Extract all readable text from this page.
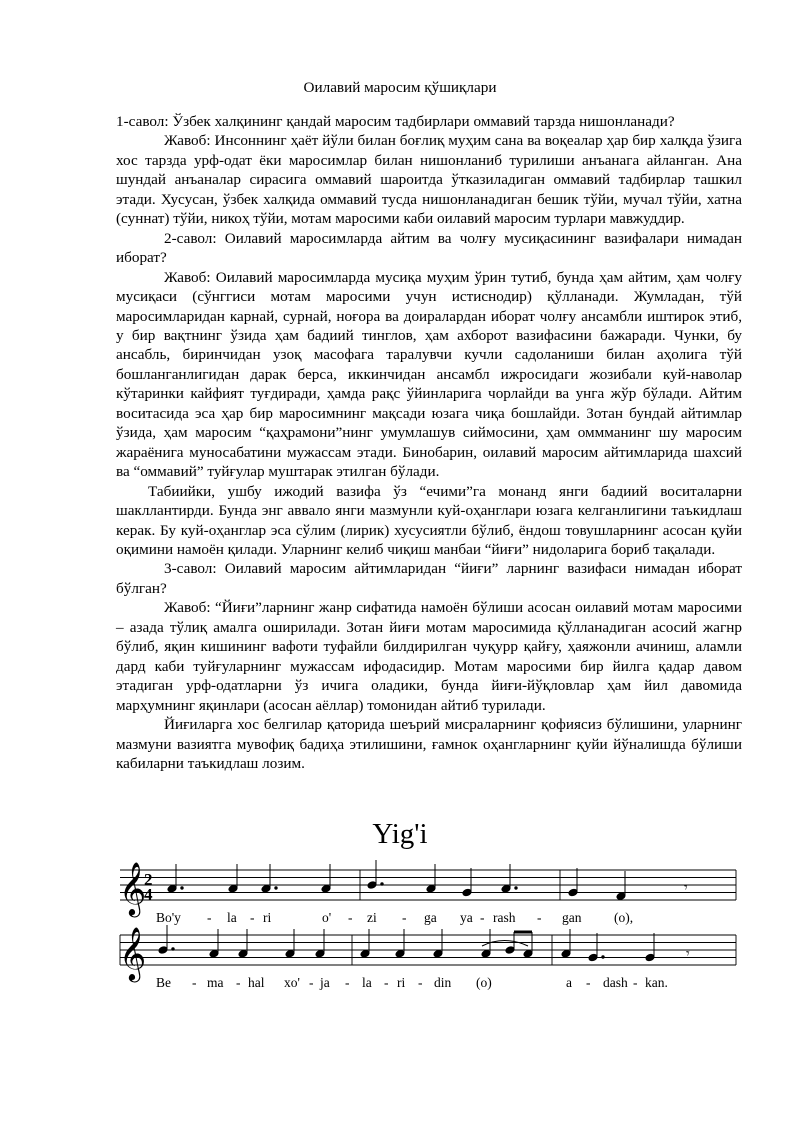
Оилавий маросим қўшиқлари

1-савол: Ўзбек халқининг қандай маросим тадбирлари оммавий тарзда нишонланади?

Жавоб: Инсоннинг ҳаёт йўли билан боғлиқ муҳим сана ва воқеалар ҳар бир халқда ўзига хос тарзда урф-одат ёки маросимлар билан нишонланиб турилиши анъанага айланган. Ана шундай анъаналар сирасига оммавий шароитда ўтказиладиган оммавий тадбирлар ташкил этади. Хусусан, ўзбек халқида оммавий тусда нишонланадиган бешик тўйи, мучал тўйи, хатна (суннат) тўйи, никоҳ тўйи, мотам маросими каби оилавий маросим турлари мавжуддир.

2-савол: Оилавий маросимларда айтим ва чолғу мусиқасининг вазифалари нимадан иборат?

Жавоб: Оилавий маросимларда мусиқа муҳим ўрин тутиб, бунда ҳам айтим, ҳам чолғу мусиқаси (сўнггиси мотам маросими учун истиснодир) қўлланади. Жумладан, тўй маросимларидан карнай, сурнай, ноғора ва доиралардан иборат чолғу ансамбли иштирок этиб, у бир вақтнинг ўзида ҳам бадиий тинглов, ҳам ахборот вазифасини бажаради. Чунки, бу ансабль, биринчидан узоқ масофага таралувчи кучли садоланиши билан аҳолига тўй бошланганлигидан дарак берса, иккинчидан ансамбл ижросидаги жозибали куй-наволар кўтаринки кайфият туғдиради, ҳамда рақс ўйинларига чорлайди ва унга жўр бўлади. Айтим воситасида эса ҳар бир маросимнинг мақсади юзага чиқа бошлайди. Зотан бундай айтимлар ўзида, ҳам маросим “қаҳрамони”нинг умумлашув сиймосини, ҳам оммманинг шу маросим жараёнига муносабатини мужассам этади. Бинобарин, оилавий маросим айтимларида шахсий ва “оммавий” туйғулар муштарак этилган бўлади.

Табиийки, ушбу ижодий вазифа ўз “ечими”га монанд янги бадиий воситаларни шакллантирди. Бунда энг аввало янги мазмунли куй-оҳанглари юзага келганлигини таъкидлаш керак. Бу куй-оҳанглар эса сўлим (лирик) хусусиятли бўлиб, ёндош товушларнинг асосан қуйи оқимини намоён қилади. Уларнинг келиб чиқиш манбаи “йиғи” нидоларига бориб тақалади.

3-савол: Оилавий маросим айтимларидан “йиғи” ларнинг вазифаси нимадан иборат бўлган?

Жавоб: “Йиғи”ларнинг жанр сифатида намоён бўлиши асосан оилавий мотам маросими – азада тўлиқ амалга оширилади. Зотан йиғи мотам маросимида қўлланадиган асосий жагнр бўлиб, яқин кишининг вафоти туфайли билдирилган чуқурр қайғу, ҳаяжонли ачиниш, аламли дард каби туйғуларнинг мужассам ифодасидир. Мотам маросими бир йилга қадар давом этадиган урф-одатларни ўз ичига оладики, бунда йиғи-йўқловлар ҳам йил давомида марҳумнинг яқинлари (асосан аёллар) томонидан айтиб турилади.

Йиғиларга хос белгилар қаторида шеърий мисраларнинг қофиясиз бўлишини, уларнинг мазмуни вазиятга мувофиқ бадиҳа этилишини, ғамнок оҳангларнинг қуйи йўналишда бўлиши кабиларни таъкидлаш лозим.

Yig'i
𝄞
2
4	𝄾
Bo'y - la - ri	o' - zi - ga ya - rash - gan (o),
𝄞	𝄾
Be - ma - hal xo' - ja - la - ri - din (o)	a - dash - kan.
